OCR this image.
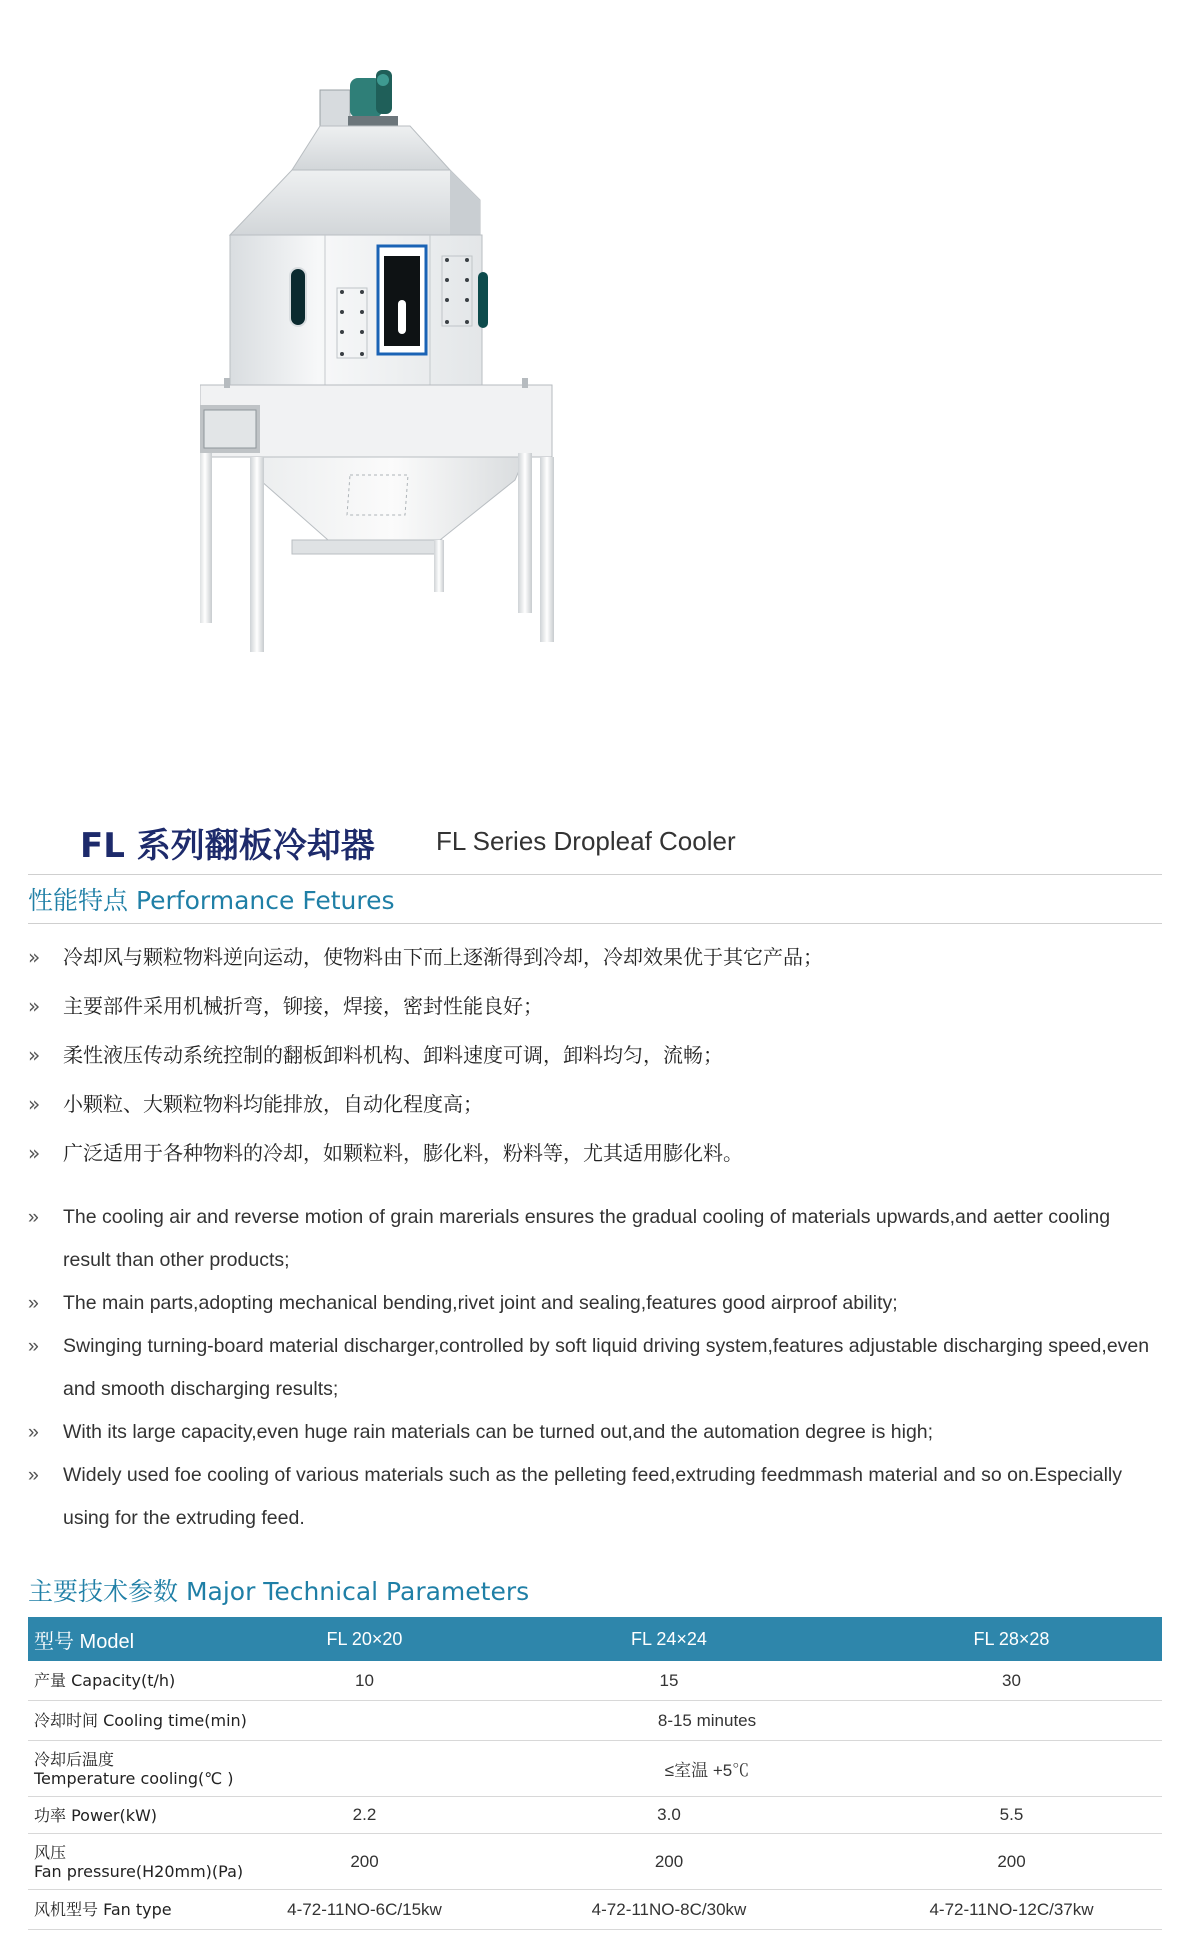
FL 系列翻板冷却器 FL Series Dropleaf Cooler
性能特点 Performance Fetures
» 冷却风与颗粒物料逆向运动，使物料由下而上逐渐得到冷却，冷却效果优于其它产品；
» 主要部件采用机械折弯，铆接，焊接，密封性能良好；
» 柔性液压传动系统控制的翻板卸料机构、卸料速度可调，卸料均匀，流畅；
» 小颗粒、大颗粒物料均能排放，自动化程度高；
» 广泛适用于各种物料的冷却，如颗粒料，膨化料，粉料等，尤其适用膨化料。
» The cooling air and reverse motion of grain marerials ensures the gradual cooling of materials upwards,and aetter cooling result than other products;
» The main parts,adopting mechanical bending,rivet joint and sealing,features good airproof ability;
» Swinging turning-board material discharger,controlled by soft liquid driving system,features adjustable discharging speed,even and smooth discharging results;
» With its large capacity,even huge rain materials can be turned out,and the automation degree is high;
» Widely used foe cooling of various materials such as the pelleting feed,extruding feedmmash material and so on.Especially using for the extruding feed.
主要技术参数 Major Technical Parameters
型号 Model	FL 20×20	FL 24×24	FL 28×28
产量 Capacity(t/h)	10	15	30
冷却时间 Cooling time(min)	8-15 minutes		
冷却后温度
Temperature cooling(℃ )	≤室温 +5℃		
功率 Power(kW)	2.2	3.0	5.5
风压
Fan pressure(H20mm)(Pa)	200	200	200
风机型号 Fan type	4-72-11NO-6C/15kw	4-72-11NO-8C/30kw	4-72-11NO-12C/37kw
